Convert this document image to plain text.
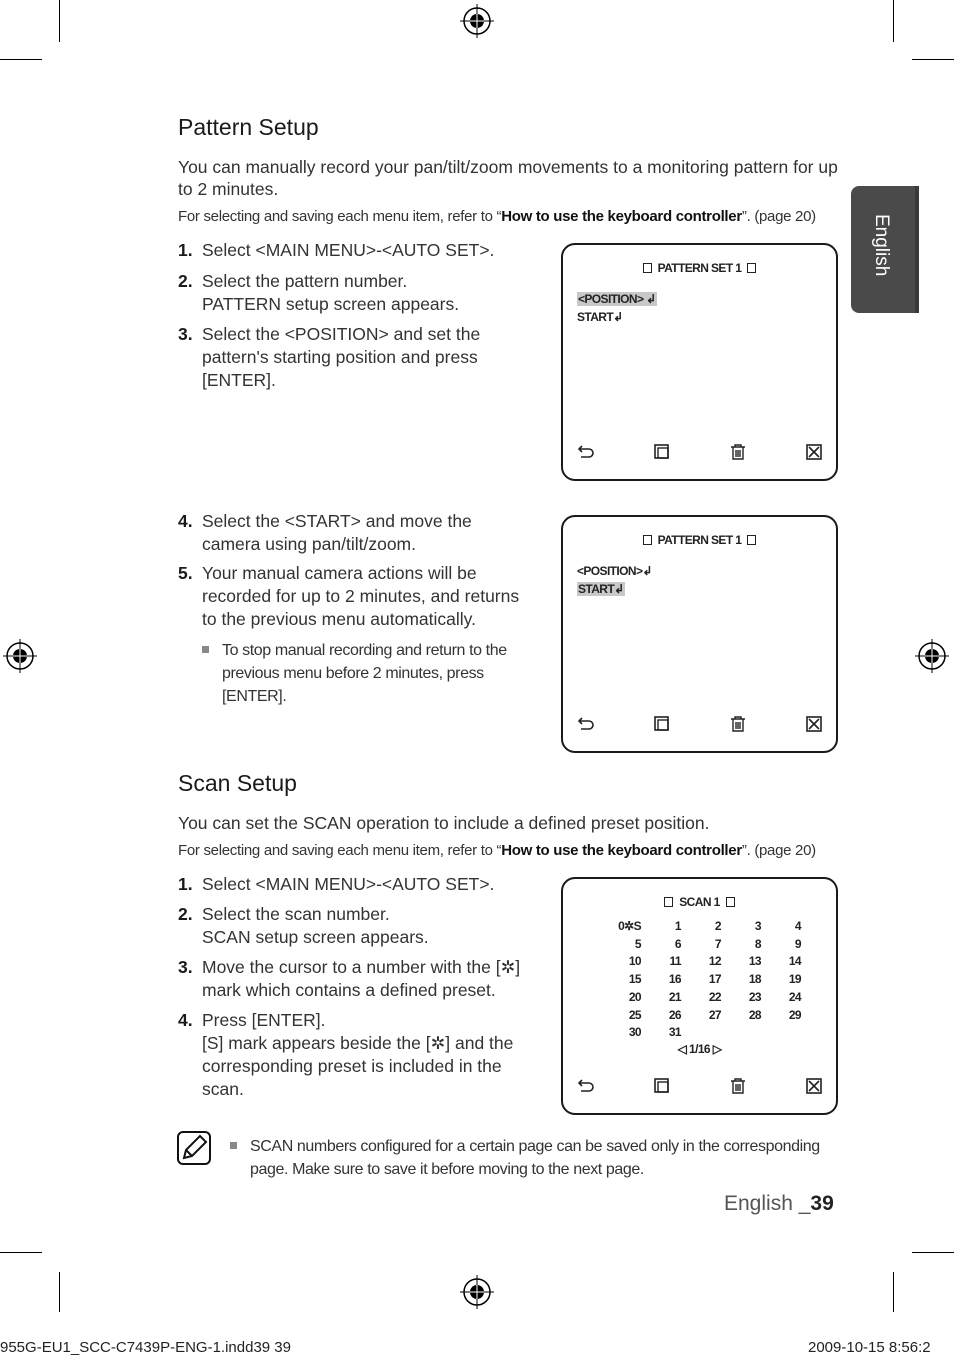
English
Pattern Setup

You can manually record your pan/tilt/zoom movements to a monitoring pattern for up to 2 minutes.

For selecting and saving each menu item, refer to “How to use the keyboard controller”. (page 20)

1. Select <MAIN MENU>-<AUTO SET>.
2. Select the pattern number.
PATTERN setup screen appears.
3. Select the <POSITION> and set the
pattern's starting position and press
[ENTER].
PATTERN SET 1
<POSITION> ↲
START↲
4. Select the <START> and move the
camera using pan/tilt/zoom.
5. Your manual camera actions will be
recorded for up to 2 minutes, and returns
to the previous menu automatically.
To stop manual recording and return to the
previous menu before 2 minutes, press
[ENTER].
PATTERN SET 1
<POSITION>↲
START↲
Scan Setup

You can set the SCAN operation to include a defined preset position.

For selecting and saving each menu item, refer to “How to use the keyboard controller”. (page 20)

1. Select <MAIN MENU>-<AUTO SET>.
2. Select the scan number.
SCAN setup screen appears.
3. Move the cursor to a number with the [✲]
mark which contains a defined preset.
4. Press [ENTER].
[S] mark appears beside the [✲] and the
corresponding preset is included in the
scan.
SCAN 1
0✲S	1	2	3	4
5	6	7	8	9
10	11	12	13	14
15	16	17	18	19
20	21	22	23	24
25	26	27	28	29
30	31
◁ 1/16 ▷
SCAN numbers configured for a certain page can be saved only in the corresponding
page. Make sure to save it before moving to the next page.
English _39
955G-EU1_SCC-C7439P-ENG-1.indd39 39	2009-10-15 8:56:2
